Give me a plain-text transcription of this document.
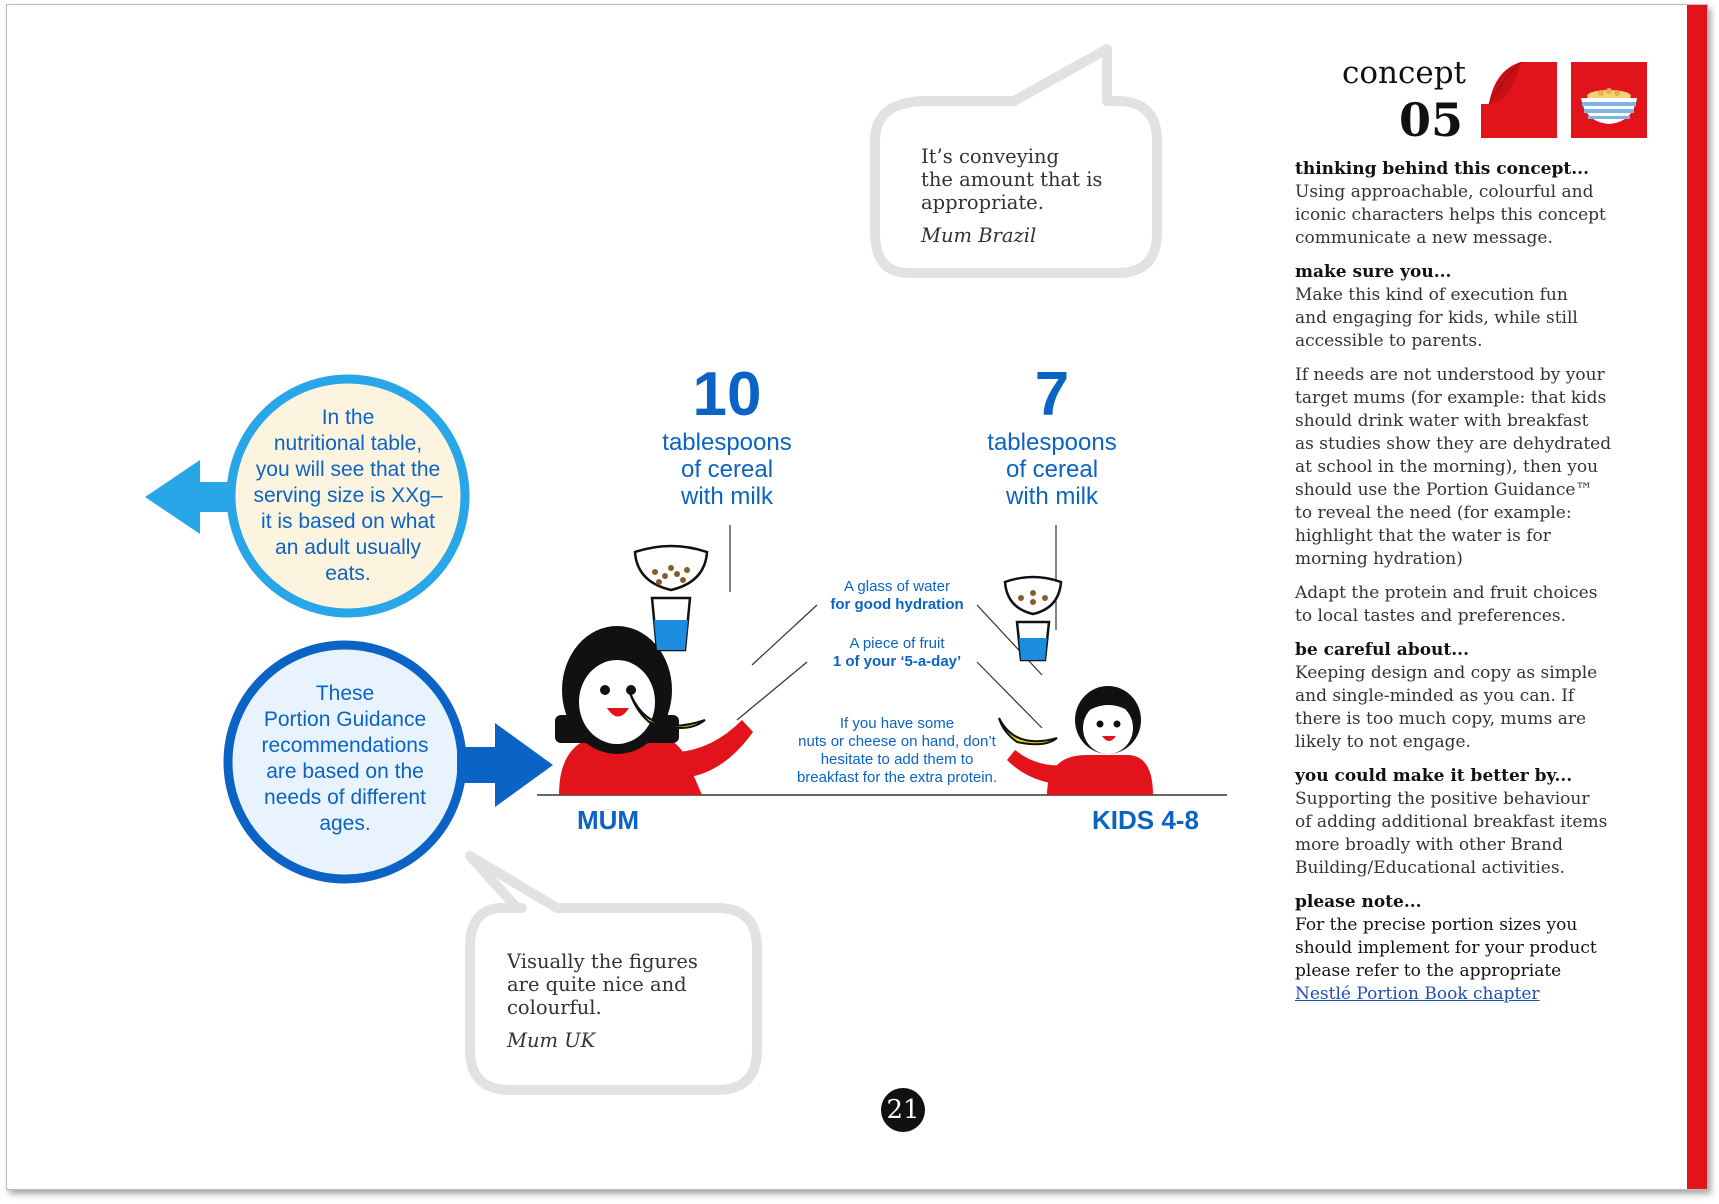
concept
05
thinking behind this concept...
Using approachable, colourful and
iconic characters helps this concept
communicate a new message.
make sure you...
Make this kind of execution fun
and engaging for kids, while still
accessible to parents.
If needs are not understood by your
target mums (for example: that kids
should drink water with breakfast
as studies show they are dehydrated
at school in the morning), then you
should use the Portion Guidance™
to reveal the need (for example:
highlight that the water is for
morning hydration)
Adapt the protein and fruit choices
to local tastes and preferences.
be careful about...
Keeping design and copy as simple
and single-minded as you can. If
there is too much copy, mums are
likely to not engage.
you could make it better by...
Supporting the positive behaviour
of adding additional breakfast items
more broadly with other Brand
Building/Educational activities.
please note...
For the precise portion sizes you
should implement for your product
please refer to the appropriate
Nestlé Portion Book chapter
It’s conveying
the amount that is
appropriate.
Mum Brazil
Visually the figures
are quite nice and
colourful.
Mum UK
In the
nutritional table,
you will see that the
serving size is XXg–
it is based on what
an adult usually
eats.
These
Portion Guidance
recommendations
are based on the
needs of different
ages.
10
tablespoons
of cereal
with milk
7
tablespoons
of cereal
with milk
A glass of water
for good hydration
A piece of fruit
1 of your ‘5-a-day’
If you have some
nuts or cheese on hand, don’t
hesitate to add them to
breakfast for the extra protein.
MUM	KIDS 4-8
21
